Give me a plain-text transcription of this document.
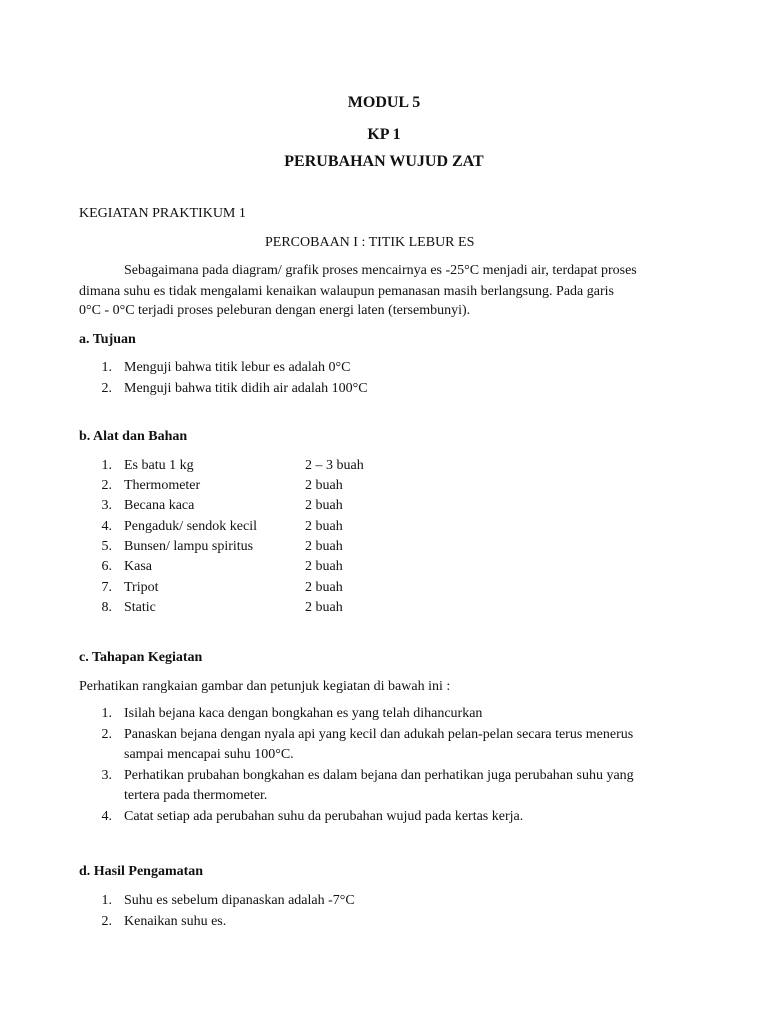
MODUL 5
KP 1
PERUBAHAN WUJUD ZAT
KEGIATAN PRAKTIKUM 1
PERCOBAAN I : TITIK LEBUR ES
Sebagaimana pada diagram/ grafik proses mencairnya es -25°C menjadi air, terdapat proses
dimana suhu es tidak mengalami kenaikan walaupun pemanasan masih berlangsung. Pada garis
0°C - 0°C terjadi proses peleburan dengan energi laten (tersembunyi).
a. Tujuan
1. Menguji bahwa titik lebur es adalah 0°C
2. Menguji bahwa titik didih air adalah 100°C
b. Alat dan Bahan
1. Es batu 1 kg	2 – 3 buah
2. Thermometer	2 buah
3. Becana kaca	2 buah
4. Pengaduk/ sendok kecil	2 buah
5. Bunsen/ lampu spiritus	2 buah
6. Kasa	2 buah
7. Tripot	2 buah
8. Static	2 buah
c. Tahapan Kegiatan
Perhatikan rangkaian gambar dan petunjuk kegiatan di bawah ini :
1. Isilah bejana kaca dengan bongkahan es yang telah dihancurkan
2. Panaskan bejana dengan nyala api yang kecil dan adukah pelan-pelan secara terus menerus
sampai mencapai suhu 100°C.
3. Perhatikan prubahan bongkahan es dalam bejana dan perhatikan juga perubahan suhu yang
tertera pada thermometer.
4. Catat setiap ada perubahan suhu da perubahan wujud pada kertas kerja.
d. Hasil Pengamatan
1. Suhu es sebelum dipanaskan adalah -7°C
2. Kenaikan suhu es.
